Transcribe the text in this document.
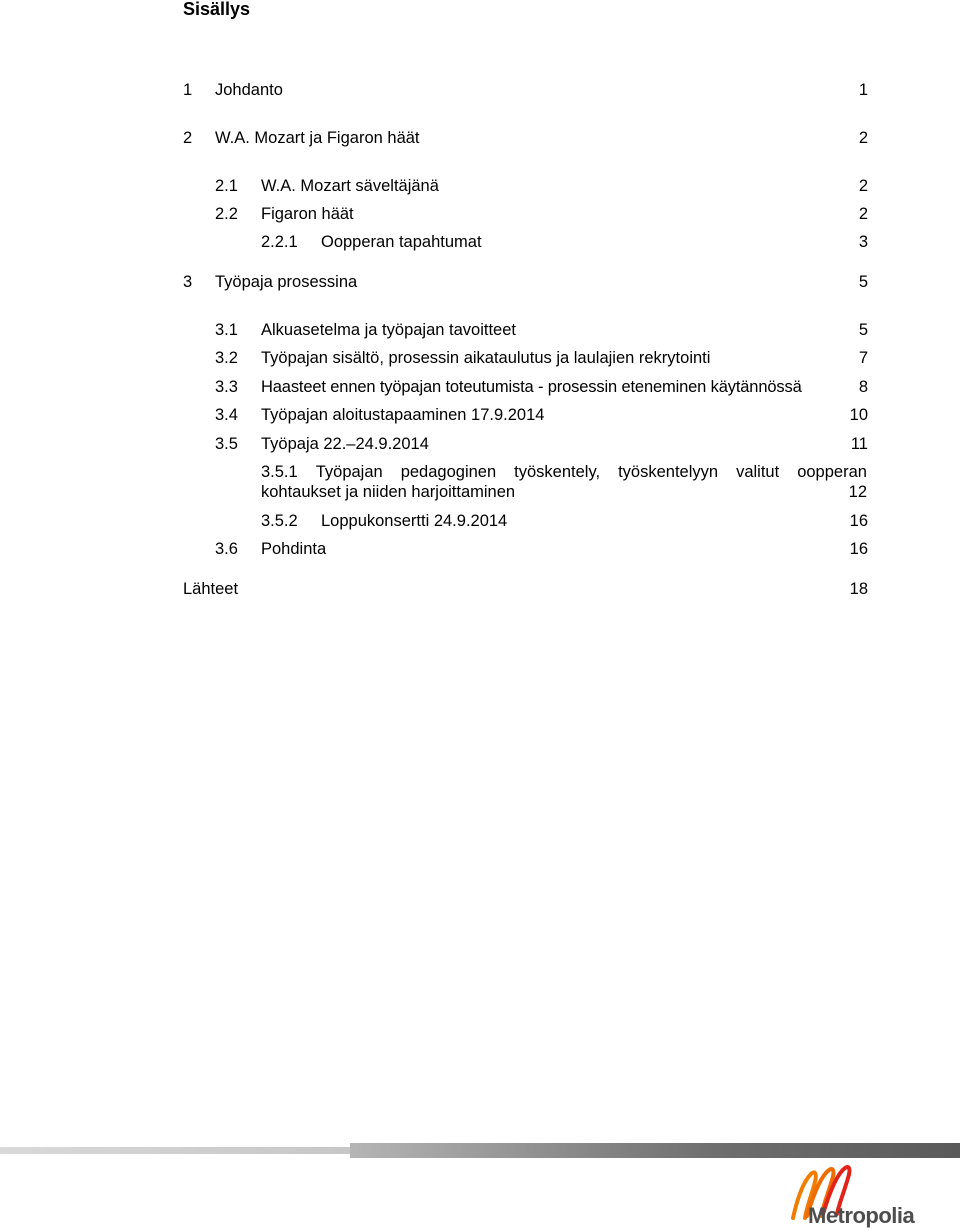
Sisällys
1 Johdanto	1
2 W.A. Mozart ja Figaron häät	2
2.1 W.A. Mozart säveltäjänä	2
2.2 Figaron häät	2
2.2.1 Oopperan tapahtumat	3
3 Työpaja prosessina	5
3.1 Alkuasetelma ja työpajan tavoitteet	5
3.2 Työpajan sisältö, prosessin aikataulutus ja laulajien rekrytointi	7
3.3 Haasteet ennen työpajan toteutumista - prosessin eteneminen käytännössä	8
3.4 Työpajan aloitustapaaminen 17.9.2014	10
3.5 Työpaja 22.–24.9.2014	11
3.5.1 Työpajan pedagoginen työskentely, työskentelyyn valitut oopperan
kohtaukset ja niiden harjoittaminen	12
3.5.2 Loppukonsertti 24.9.2014	16
3.6 Pohdinta	16
Lähteet	18
Metropolia
